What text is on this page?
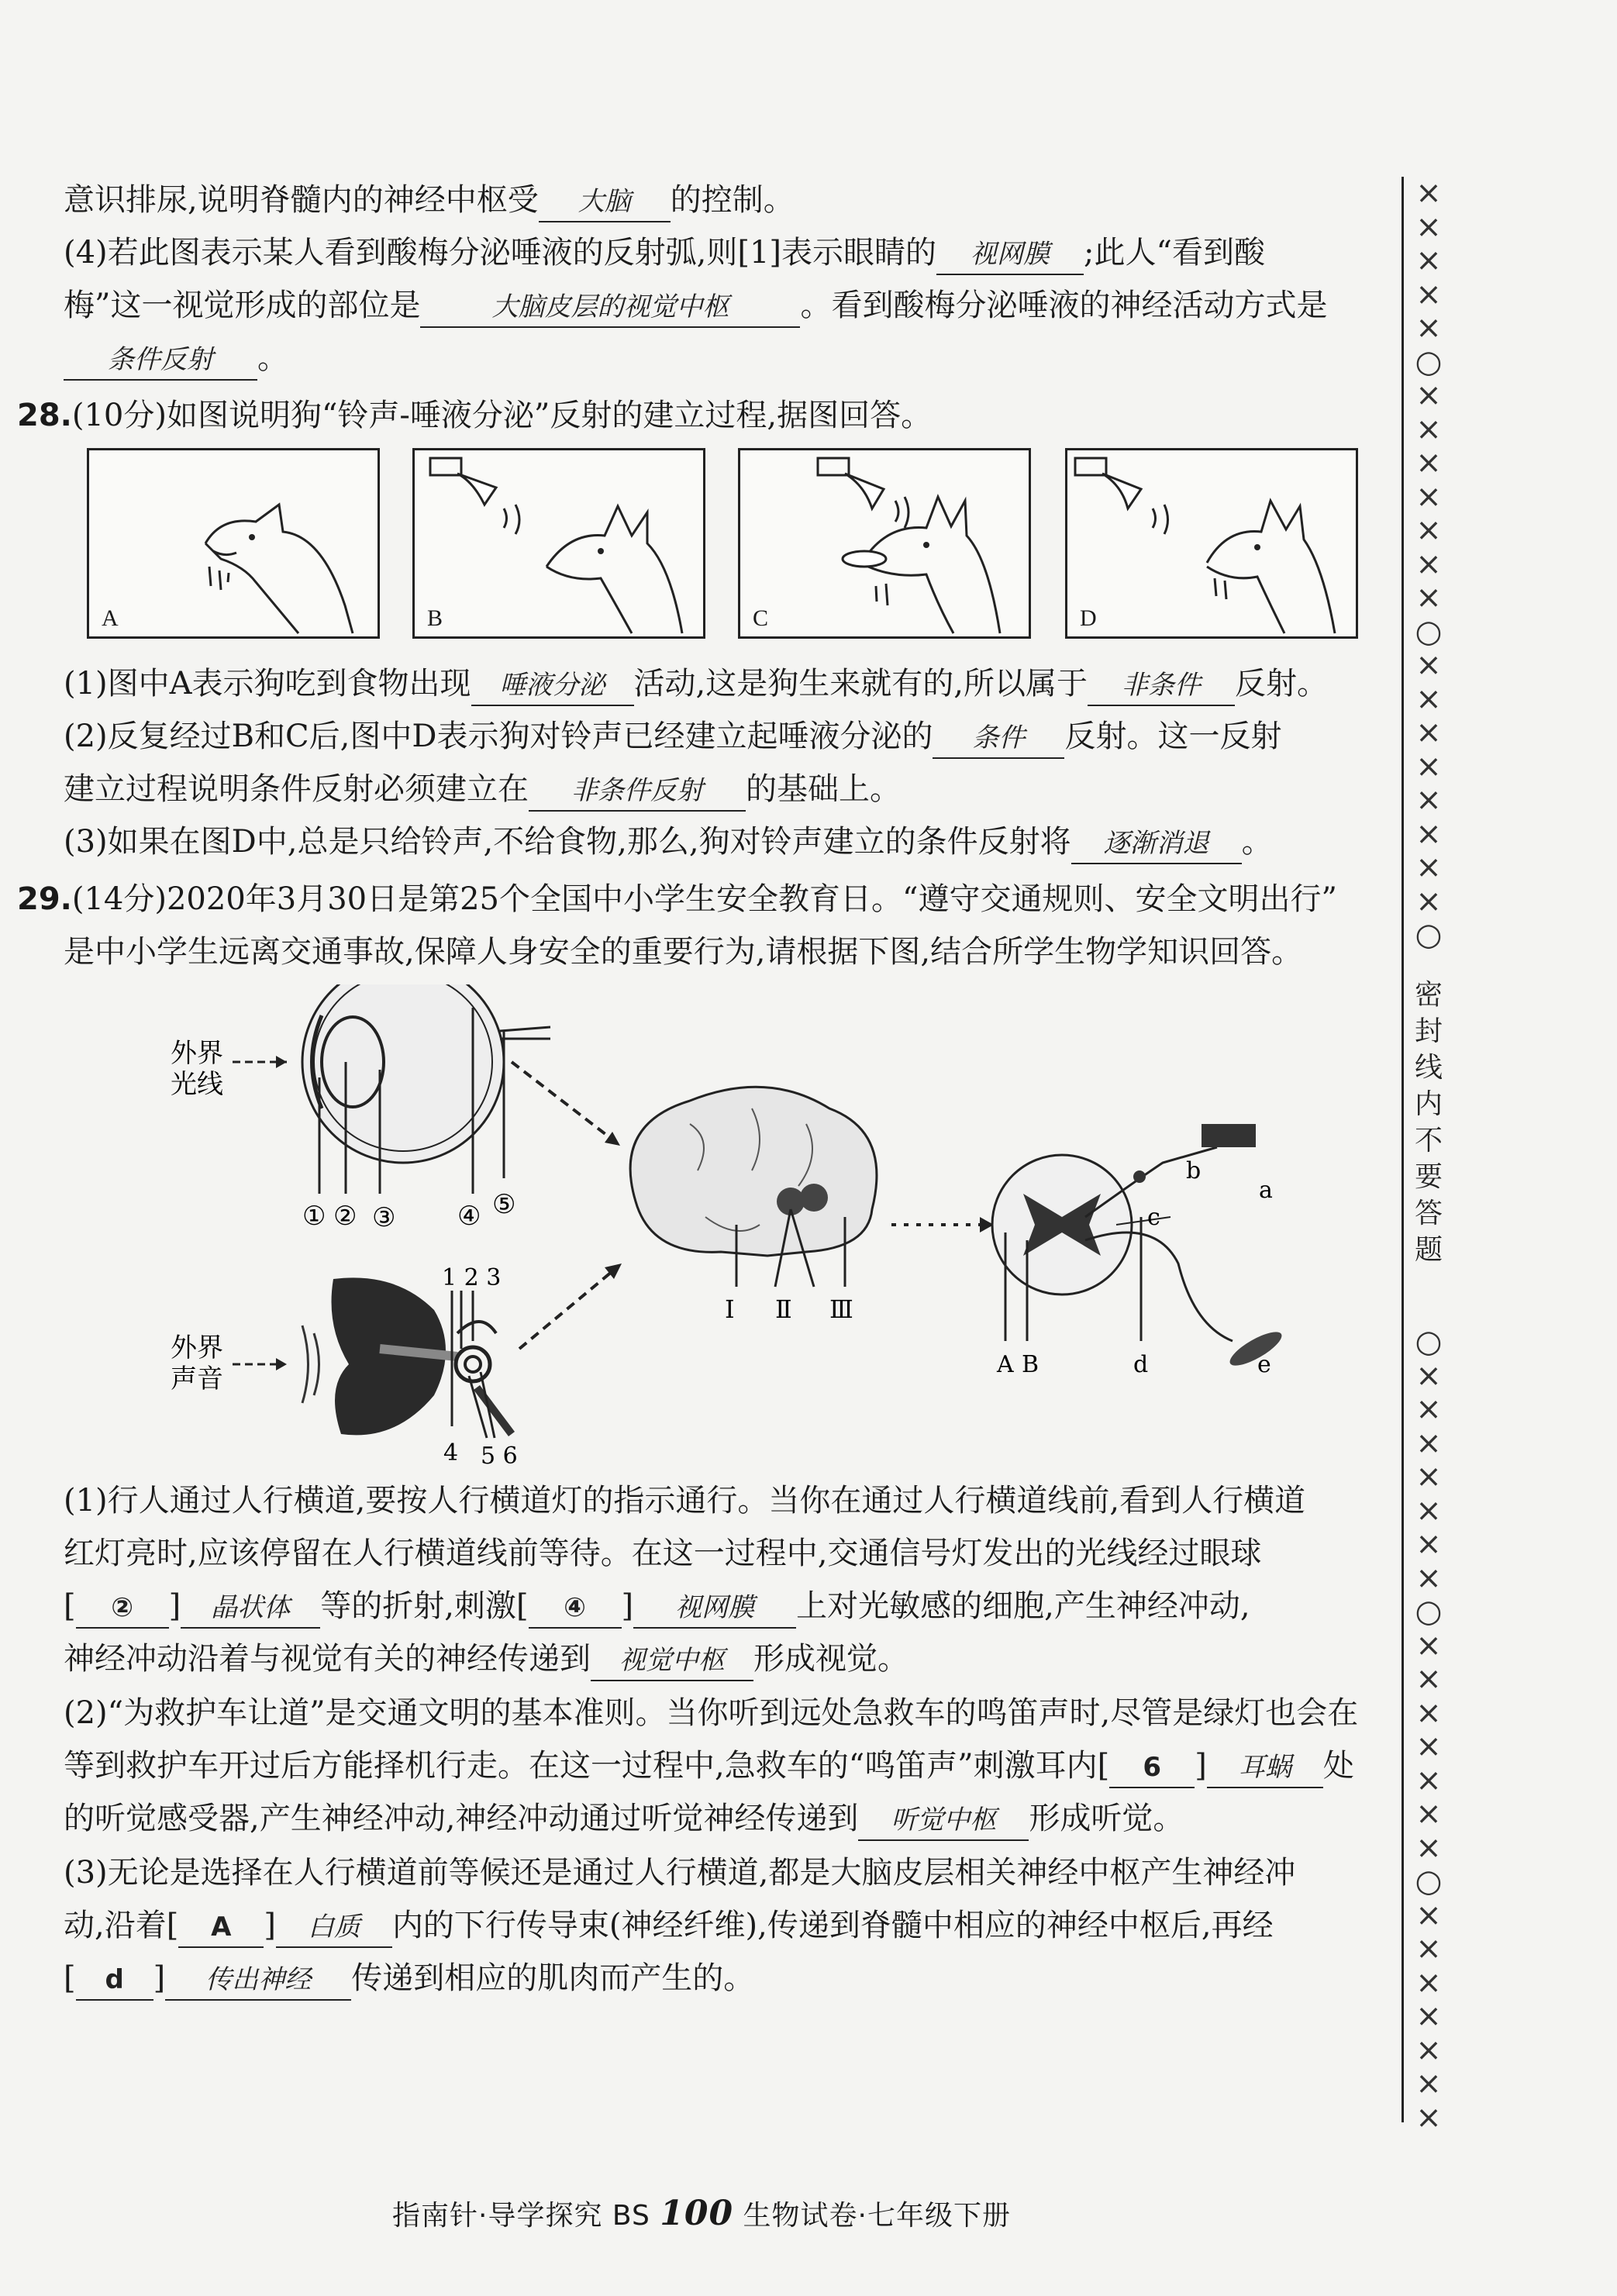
意识排尿,说明脊髓内的神经中枢受 大脑 的控制。
(4)若此图表示某人看到酸梅分泌唾液的反射弧,则[1]表示眼睛的 视网膜 ;此人“看到酸
梅”这一视觉形成的部位是	大脑皮层的视觉中枢 。看到酸梅分泌唾液的神经活动方式是
条件反射 。
28.(10分)如图说明狗“铃声-唾液分泌”反射的建立过程,据图回答。
A	B	C	D
(1)图中A表示狗吃到食物出现 唾液分泌 活动,这是狗生来就有的,所以属于 非条件 反射。
(2)反复经过B和C后,图中D表示狗对铃声已经建立起唾液分泌的 条件 反射。这一反射
建立过程说明条件反射必须建立在 非条件反射 的基础上。
(3)如果在图D中,总是只给铃声,不给食物,那么,狗对铃声建立的条件反射将 逐渐消退 。
29.(14分)2020年3月30日是第25个全国中小学生安全教育日。“遵守交通规则、安全文明出行”
是中小学生远离交通事故,保障人身安全的重要行为,请根据下图,结合所学生物学知识回答。
外界
光线
① ② ③ ④ ⑤
Ⅰ Ⅱ Ⅲ
A B	d	e
a
b
c
外界
声音
1 2 3
4 5 6
(1)行人通过人行横道,要按人行横道灯的指示通行。当你在通过人行横道线前,看到人行横道
红灯亮时,应该停留在人行横道线前等待。在这一过程中,交通信号灯发出的光线经过眼球
[ ② ] 晶状体 等的折射,刺激[ ④ ] 视网膜 上对光敏感的细胞,产生神经冲动,
神经冲动沿着与视觉有关的神经传递到 视觉中枢 形成视觉。
(2)“为救护车让道”是交通文明的基本准则。当你听到远处急救车的鸣笛声时,尽管是绿灯也会在
等到救护车开过后方能择机行走。在这一过程中,急救车的“鸣笛声”刺激耳内[ 6 ] 耳蜗 处
的听觉感受器,产生神经冲动,神经冲动通过听觉神经传递到 听觉中枢 形成听觉。
(3)无论是选择在人行横道前等候还是通过人行横道,都是大脑皮层相关神经中枢产生神经冲
动,沿着[ A ] 白质 内的下行传导束(神经纤维),传递到脊髓中相应的神经中枢后,再经
[ d ] 传出神经 传递到相应的肌肉而产生的。
×
×
×
×
×
○
×
×
×
×
×
×
×
○
×
×
×
×
×
×
×
×
○
密
封
线
内
不
要
答
题
○
×
×
×
×
×
×
×
○
×
×
×
×
×
×
×
○
×
×
×
×
×
×
×
指南针·导学探究 BS 100 生物试卷·七年级下册
